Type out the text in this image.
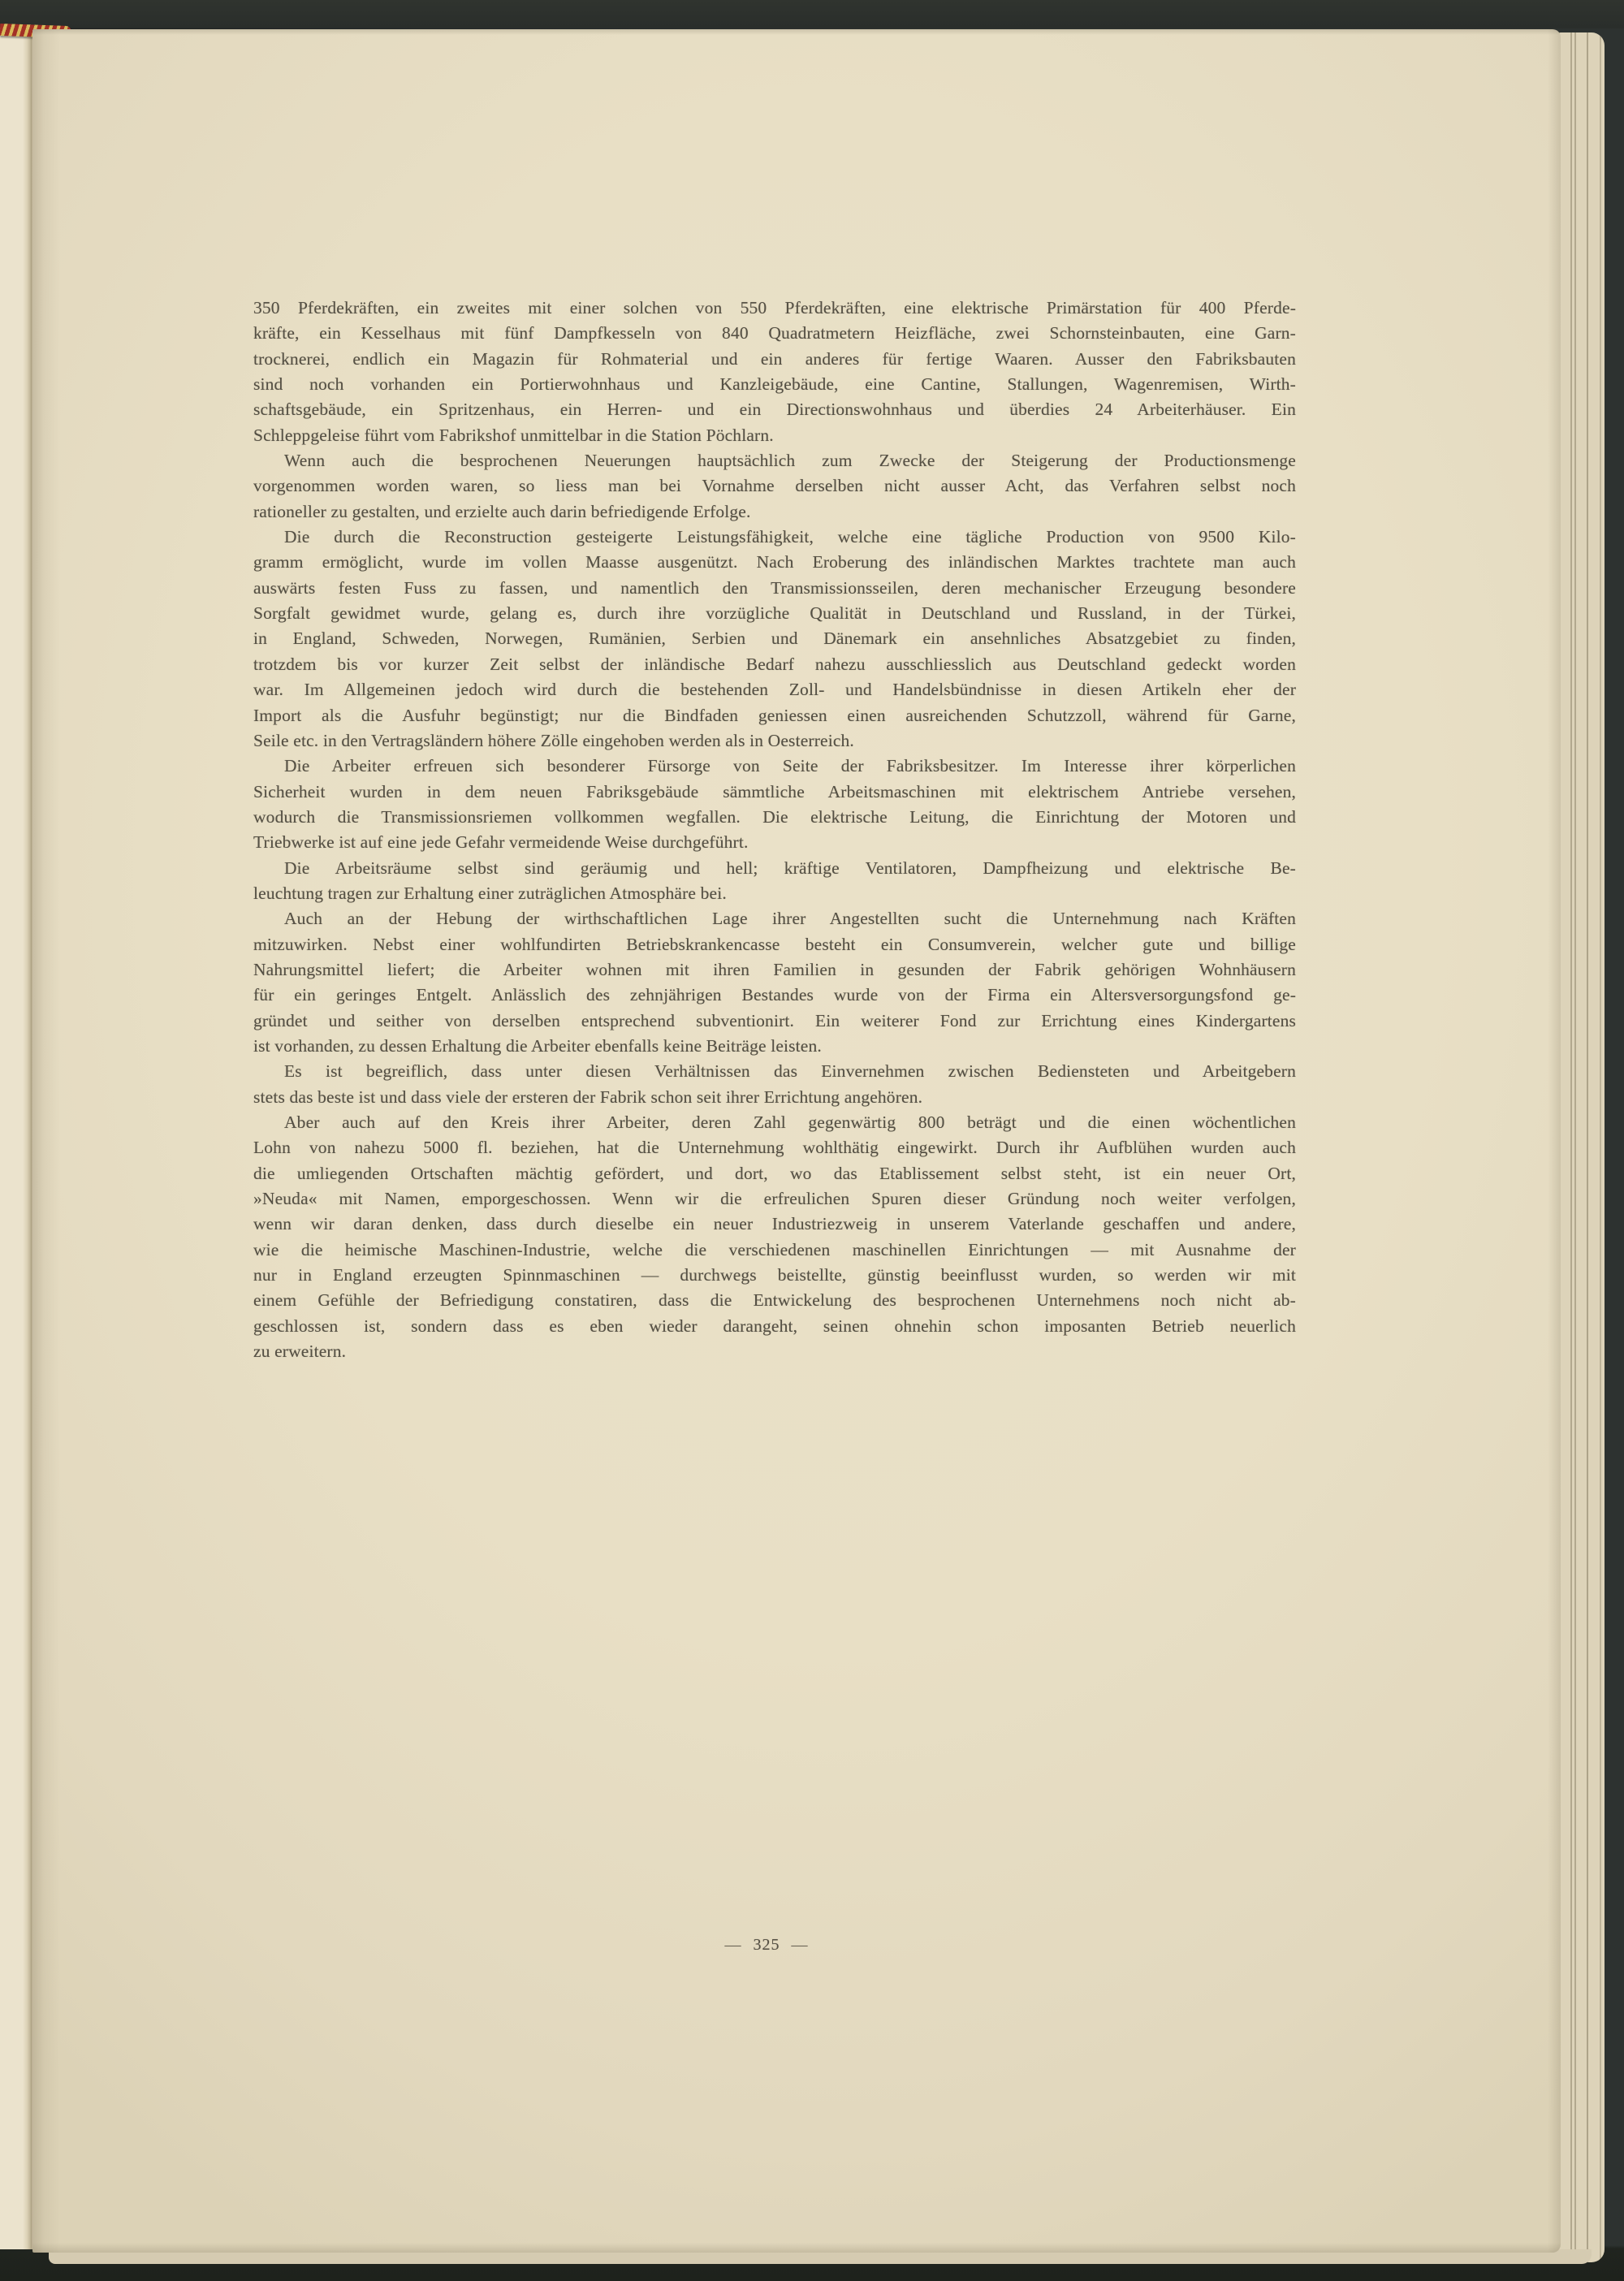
350 Pferdekräften, ein zweites mit einer solchen von 550 Pferdekräften, eine elektrische Primärstation für 400 Pferde-
kräfte, ein Kesselhaus mit fünf Dampfkesseln von 840 Quadratmetern Heizfläche, zwei Schornsteinbauten, eine Garn-
trocknerei, endlich ein Magazin für Rohmaterial und ein anderes für fertige Waaren. Ausser den Fabriksbauten
sind noch vorhanden ein Portierwohnhaus und Kanzleigebäude, eine Cantine, Stallungen, Wagenremisen, Wirth-
schaftsgebäude, ein Spritzenhaus, ein Herren- und ein Directionswohnhaus und überdies 24 Arbeiterhäuser. Ein
Schleppgeleise führt vom Fabrikshof unmittelbar in die Station Pöchlarn.
Wenn auch die besprochenen Neuerungen hauptsächlich zum Zwecke der Steigerung der Productionsmenge
vorgenommen worden waren, so liess man bei Vornahme derselben nicht ausser Acht, das Verfahren selbst noch
rationeller zu gestalten, und erzielte auch darin befriedigende Erfolge.
Die durch die Reconstruction gesteigerte Leistungsfähigkeit, welche eine tägliche Production von 9500 Kilo-
gramm ermöglicht, wurde im vollen Maasse ausgenützt. Nach Eroberung des inländischen Marktes trachtete man auch
auswärts festen Fuss zu fassen, und namentlich den Transmissionsseilen, deren mechanischer Erzeugung besondere
Sorgfalt gewidmet wurde, gelang es, durch ihre vorzügliche Qualität in Deutschland und Russland, in der Türkei,
in England, Schweden, Norwegen, Rumänien, Serbien und Dänemark ein ansehnliches Absatzgebiet zu finden,
trotzdem bis vor kurzer Zeit selbst der inländische Bedarf nahezu ausschliesslich aus Deutschland gedeckt worden
war. Im Allgemeinen jedoch wird durch die bestehenden Zoll- und Handelsbündnisse in diesen Artikeln eher der
Import als die Ausfuhr begünstigt; nur die Bindfaden geniessen einen ausreichenden Schutzzoll, während für Garne,
Seile etc. in den Vertragsländern höhere Zölle eingehoben werden als in Oesterreich.
Die Arbeiter erfreuen sich besonderer Fürsorge von Seite der Fabriksbesitzer. Im Interesse ihrer körperlichen
Sicherheit wurden in dem neuen Fabriksgebäude sämmtliche Arbeitsmaschinen mit elektrischem Antriebe versehen,
wodurch die Transmissionsriemen vollkommen wegfallen. Die elektrische Leitung, die Einrichtung der Motoren und
Triebwerke ist auf eine jede Gefahr vermeidende Weise durchgeführt.
Die Arbeitsräume selbst sind geräumig und hell; kräftige Ventilatoren, Dampfheizung und elektrische Be-
leuchtung tragen zur Erhaltung einer zuträglichen Atmosphäre bei.
Auch an der Hebung der wirthschaftlichen Lage ihrer Angestellten sucht die Unternehmung nach Kräften
mitzuwirken. Nebst einer wohlfundirten Betriebskrankencasse besteht ein Consumverein, welcher gute und billige
Nahrungsmittel liefert; die Arbeiter wohnen mit ihren Familien in gesunden der Fabrik gehörigen Wohnhäusern
für ein geringes Entgelt. Anlässlich des zehnjährigen Bestandes wurde von der Firma ein Altersversorgungsfond ge-
gründet und seither von derselben entsprechend subventionirt. Ein weiterer Fond zur Errichtung eines Kindergartens
ist vorhanden, zu dessen Erhaltung die Arbeiter ebenfalls keine Beiträge leisten.
Es ist begreiflich, dass unter diesen Verhältnissen das Einvernehmen zwischen Bediensteten und Arbeitgebern
stets das beste ist und dass viele der ersteren der Fabrik schon seit ihrer Errichtung angehören.
Aber auch auf den Kreis ihrer Arbeiter, deren Zahl gegenwärtig 800 beträgt und die einen wöchentlichen
Lohn von nahezu 5000 fl. beziehen, hat die Unternehmung wohlthätig eingewirkt. Durch ihr Aufblühen wurden auch
die umliegenden Ortschaften mächtig gefördert, und dort, wo das Etablissement selbst steht, ist ein neuer Ort,
»Neuda« mit Namen, emporgeschossen. Wenn wir die erfreulichen Spuren dieser Gründung noch weiter verfolgen,
wenn wir daran denken, dass durch dieselbe ein neuer Industriezweig in unserem Vaterlande geschaffen und andere,
wie die heimische Maschinen-Industrie, welche die verschiedenen maschinellen Einrichtungen — mit Ausnahme der
nur in England erzeugten Spinnmaschinen — durchwegs beistellte, günstig beeinflusst wurden, so werden wir mit
einem Gefühle der Befriedigung constatiren, dass die Entwickelung des besprochenen Unternehmens noch nicht ab-
geschlossen ist, sondern dass es eben wieder darangeht, seinen ohnehin schon imposanten Betrieb neuerlich
zu erweitern.
— 325 —
